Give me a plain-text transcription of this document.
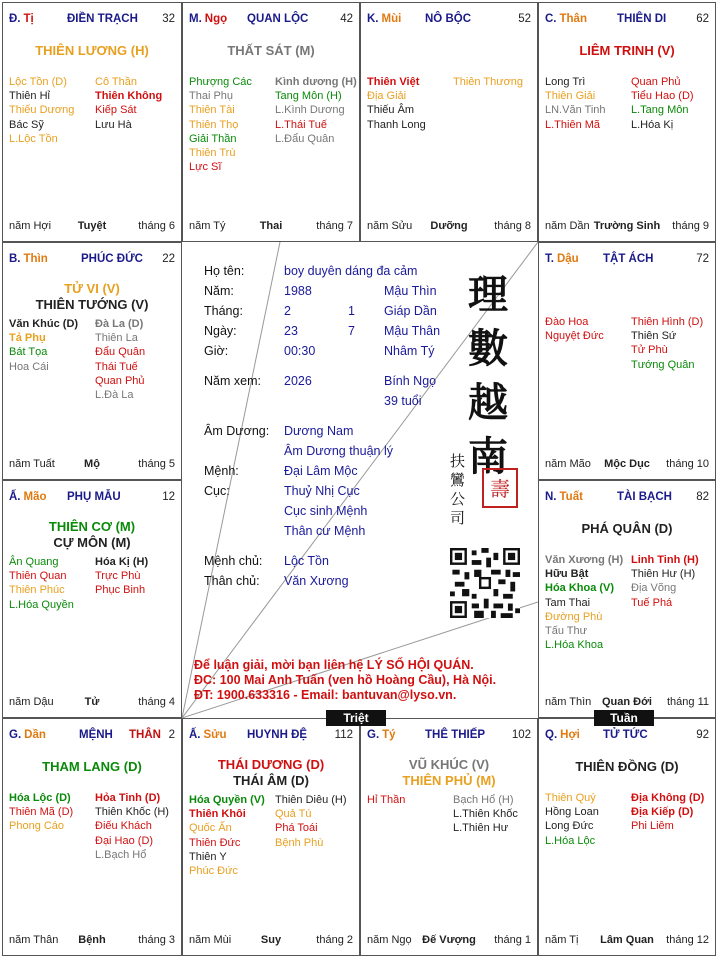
Đ. Tị	ĐIỀN TRẠCH 32
THIÊN LƯƠNG (H)
Lộc Tồn (D)
Thiên Hỉ
Thiếu Dương
Bác Sỹ
L.Lộc Tồn
Cô Thần
Thiên Không
Kiếp Sát
Lưu Hà
năm Hợi	Tuyệt	tháng 6
M. Ngọ QUAN LỘC	42
THẤT SÁT (M)
Phượng Các
Thai Phụ
Thiên Tài
Thiên Thọ
Giải Thần
Thiên Trù
Lực Sĩ
Kình dương (H)
Tang Môn (H)
L.Kình Dương
L.Thái Tuế
L.Đẩu Quân
năm Tý	Thai	tháng 7
K. Mùi NÔ BỘC	52
Thiên Việt
Địa Giải
Thiếu Âm
Thanh Long
Thiên Thương
năm Sửu	Dưỡng	tháng 8
C. Thân	THIÊN DI	62
LIÊM TRINH (V)
Long Trì
Thiên Giải
LN.Văn Tinh
L.Thiên Mã
Quan Phủ
Tiểu Hao (D)
L.Tang Môn
L.Hóa Kị
năm Dần Trường Sinh	tháng 9
B. Thìn	PHÚC ĐỨC 22
TỬ VI (V)
THIÊN TƯỚNG (V)
Văn Khúc (D)
Tả Phụ
Bát Tọa
Hoa Cái
Đà La (D)
Thiên La
Đẩu Quân
Thái Tuế
Quan Phủ
L.Đà La
năm Tuất	Mộ	tháng 5
T. Dậu TẬT ÁCH	72
Đào Hoa
Nguyệt Đức
Thiên Hình (D)
Thiên Sứ
Tử Phù
Tướng Quân
năm Mão	Mộc Dục	tháng 10
Ấ. Mão PHỤ MẪU	12
THIÊN CƠ (M)
CỰ MÔN (M)
Ân Quang
Thiên Quan
Thiên Phúc
L.Hóa Quyền
Hóa Kị (H)
Trực Phù
Phục Binh
năm Dậu	Tử	tháng 4
N. Tuất	TÀI BẠCH 82
PHÁ QUÂN (D)
Văn Xương (H)
Hữu Bật
Hóa Khoa (V)
Tam Thai
Đường Phù
Tấu Thư
L.Hóa Khoa
Linh Tinh (H)
Thiên Hư (H)
Địa Võng
Tuế Phá
năm Thìn Quan Đới	tháng 11
G. Dần	MỆNH THÂN 2
THAM LANG (D)
Hóa Lộc (D)
Thiên Mã (D)
Phong Cáo
Hỏa Tinh (D)
Thiên Khốc (H)
Điếu Khách
Đại Hao (D)
L.Bạch Hổ
năm Thân	Bệnh	tháng 3
Ấ. Sửu HUYNH ĐỆ 112
THÁI DƯƠNG (D)
THÁI ÂM (D)
Hóa Quyền (V)
Thiên Khôi
Quốc Ấn
Thiên Đức
Thiên Y
Phúc Đức
Thiên Diêu (H)
Quả Tú
Phá Toái
Bệnh Phù
năm Mùi	Suy	tháng 2
G. Tý	THÊ THIẾP 102
VŨ KHÚC (V)
THIÊN PHỦ (M)
Hỉ Thần	Bạch Hổ (H)
L.Thiên Khốc
L.Thiên Hư
năm Ngọ Đế Vượng	tháng 1
Q. Hợi TỬ TỨC	92
THIÊN ĐỒNG (D)
Thiên Quý
Hồng Loan
Long Đức
L.Hóa Lộc
Địa Không (D)
Địa Kiếp (D)
Phi Liêm
năm Tị	Lâm Quan	tháng 12
Họ tên:	boy duyên dáng đa cảm
Năm:	1988	Mậu Thìn
Tháng:	2	1 Giáp Dần
Ngày:	23	7 Mậu Thân
Giờ:	00:30	Nhâm Tý
Năm xem: 2026	Bính Ngọ
39 tuổi
Âm Dương: Dương Nam
Âm Dương thuận lý
Mệnh:	Đại Lâm Mộc
Cục:	Thuỷ Nhị Cục
Cục sinh Mệnh
Thân cư Mệnh
Mệnh chủ: Lộc Tồn
Thân chủ: Văn Xương
理
數
越
南
扶
鸞
公
司
壽
Để luận giải, mời bạn liên hệ LÝ SỐ HỘI QUÁN.
ĐC: 100 Mai Anh Tuấn (ven hồ Hoàng Cầu), Hà Nội.
ĐT: 1900.633316 - Email: bantuvan@lyso.vn.
Triệt	Tuần
